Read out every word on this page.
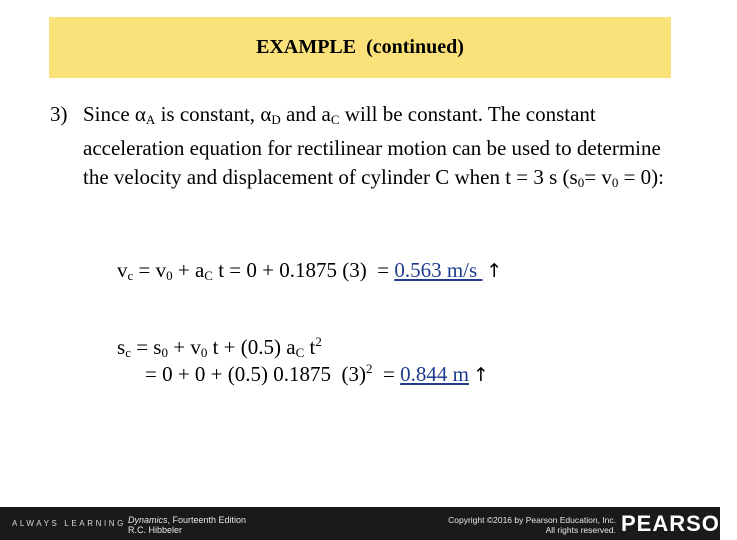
EXAMPLE  (continued)
3) Since $\alpha_A$ is constant, $\alpha_D$ and $a_C$ will be constant. The constant acceleration equation for rectilinear motion can be used to determine the velocity and displacement of cylinder C when t = 3 s $(s_0= v_0 = 0)$:
$v_c = v_0 + a_C$ t = 0 + 0.1875 (3)  = 0.563 m/s ↑
$s_c = s_0 + v_0$ t + (0.5) $a_C$ $t^2$
= 0 + 0 + (0.5) 0.1875  $(3)^2 = 0.844$ m ↑
ALWAYS LEARNING Dynamics, Fourteenth Edition
R.C. Hibbeler
Copyright ©2016 by Pearson Education, Inc.
All rights reserved. PEARSON
